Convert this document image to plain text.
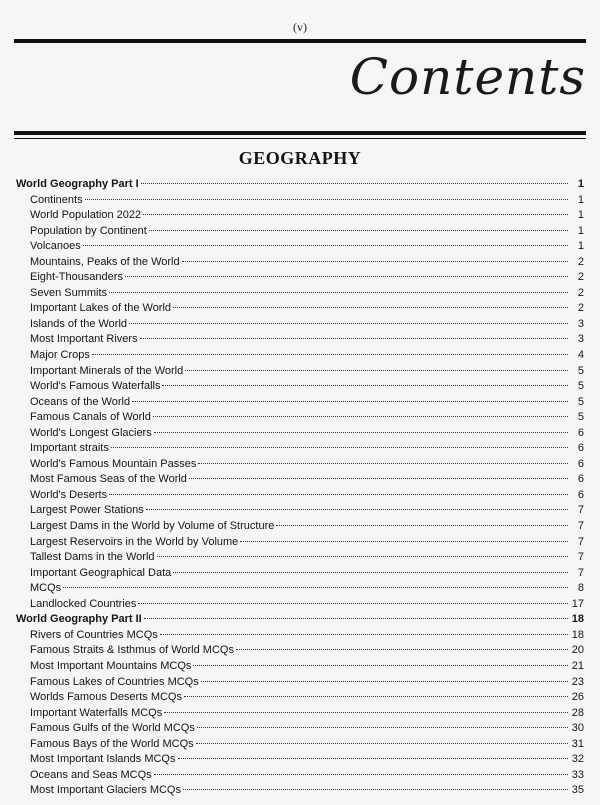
(v)
Contents
GEOGRAPHY
World Geography Part I	1
Continents	1
World Population 2022	1
Population by Continent	1
Volcanoes	1
Mountains, Peaks of the World	2
Eight-Thousanders	2
Seven Summits	2
Important Lakes of the World	2
Islands of the World	3
Most Important Rivers	3
Major Crops	4
Important Minerals of the World	5
World's Famous Waterfalls	5
Oceans of the World	5
Famous Canals of World	5
World's Longest Glaciers	6
Important straits	6
World's Famous Mountain Passes	6
Most Famous Seas of the World	6
World's Deserts	6
Largest Power Stations	7
Largest Dams in the World by Volume of Structure	7
Largest Reservoirs in the World by Volume	7
Tallest Dams in the World	7
Important Geographical Data	7
MCQs	8
Landlocked Countries	17
World Geography Part II	18
Rivers of Countries MCQs	18
Famous Straits & Isthmus of World MCQs	20
Most Important Mountains MCQs	21
Famous Lakes of Countries MCQs	23
Worlds Famous Deserts MCQs	26
Important Waterfalls MCQs	28
Famous Gulfs of the World MCQs	30
Famous Bays of the World MCQs	31
Most Important Islands MCQs	32
Oceans and Seas MCQs	33
Most Important Glaciers MCQs	35
